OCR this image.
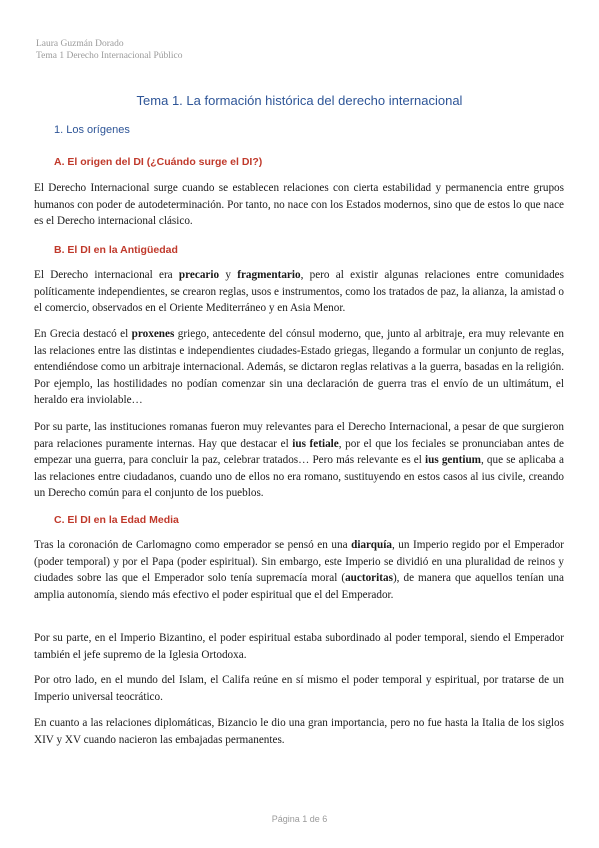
Laura Guzmán Dorado
Tema 1 Derecho Internacional Público
Tema 1. La formación histórica del derecho internacional
1. Los orígenes
A. El origen del DI (¿Cuándo surge el DI?)

El Derecho Internacional surge cuando se establecen relaciones con cierta estabilidad y permanencia entre grupos humanos con poder de autodeterminación. Por tanto, no nace con los Estados modernos, sino que de estos lo que nace es el Derecho internacional clásico.

B. El DI en la Antigüedad

El Derecho internacional era precario y fragmentario, pero al existir algunas relaciones entre comunidades políticamente independientes, se crearon reglas, usos e instrumentos, como los tratados de paz, la alianza, la amistad o el comercio, observados en el Oriente Mediterráneo y en Asia Menor.

En Grecia destacó el proxenes griego, antecedente del cónsul moderno, que, junto al arbitraje, era muy relevante en las relaciones entre las distintas e independientes ciudades-Estado griegas, llegando a formular un conjunto de reglas, entendiéndose como un arbitraje internacional. Además, se dictaron reglas relativas a la guerra, basadas en la religión. Por ejemplo, las hostilidades no podían comenzar sin una declaración de guerra tras el envío de un ultimátum, el heraldo era inviolable…

Por su parte, las instituciones romanas fueron muy relevantes para el Derecho Internacional, a pesar de que surgieron para relaciones puramente internas. Hay que destacar el ius fetiale, por el que los feciales se pronunciaban antes de empezar una guerra, para concluir la paz, celebrar tratados… Pero más relevante es el ius gentium, que se aplicaba a las relaciones entre ciudadanos, cuando uno de ellos no era romano, sustituyendo en estos casos al ius civile, creando un Derecho común para el conjunto de los pueblos.

C. El DI en la Edad Media

Tras la coronación de Carlomagno como emperador se pensó en una diarquía, un Imperio regido por el Emperador (poder temporal) y por el Papa (poder espiritual). Sin embargo, este Imperio se dividió en una pluralidad de reinos y ciudades sobre las que el Emperador solo tenía supremacía moral (auctoritas), de manera que aquellos tenían una amplia autonomía, siendo más efectivo el poder espiritual que el del Emperador.

Por su parte, en el Imperio Bizantino, el poder espiritual estaba subordinado al poder temporal, siendo el Emperador también el jefe supremo de la Iglesia Ortodoxa.

Por otro lado, en el mundo del Islam, el Califa reúne en sí mismo el poder temporal y espiritual, por tratarse de un Imperio universal teocrático.

En cuanto a las relaciones diplomáticas, Bizancio le dio una gran importancia, pero no fue hasta la Italia de los siglos XIV y XV cuando nacieron las embajadas permanentes.

Página 1 de 6
